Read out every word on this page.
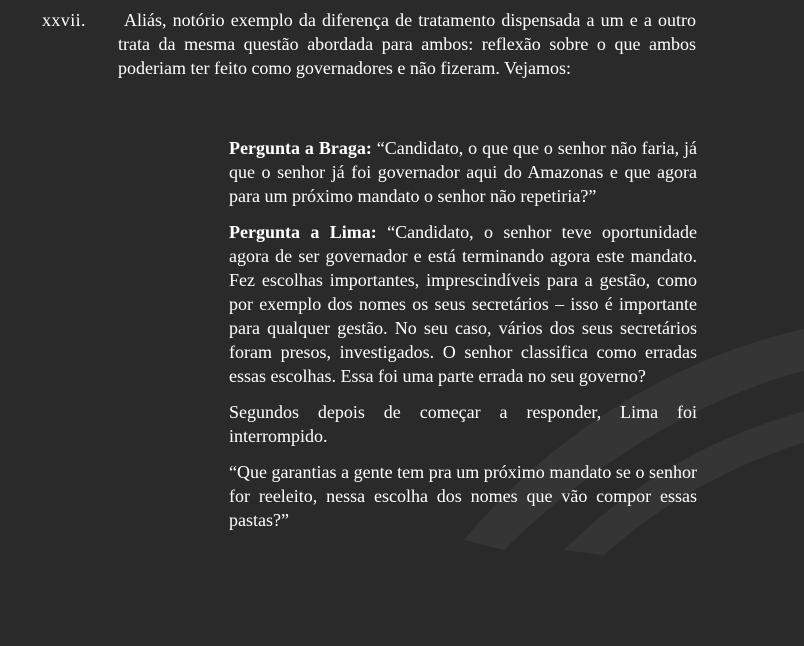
xxvii.	Aliás, notório exemplo da diferença de tratamento dispensada a um e a outro trata da mesma questão abordada para ambos: reflexão sobre o que ambos poderiam ter feito como governadores e não fizeram. Vejamos:

Pergunta a Braga: “Candidato, o que que o senhor não faria, já que o senhor já foi governador aqui do Amazonas e que agora para um próximo mandato o senhor não repetiria?”

Pergunta a Lima: “Candidato, o senhor teve oportunidade agora de ser governador e está terminando agora este mandato. Fez escolhas importantes, imprescindíveis para a gestão, como por exemplo dos nomes os seus secretários – isso é importante para qualquer gestão. No seu caso, vários dos seus secretários foram presos, investigados. O senhor classifica como erradas essas escolhas. Essa foi uma parte errada no seu governo?

Segundos depois de começar a responder, Lima foi interrompido.

“Que garantias a gente tem pra um próximo mandato se o senhor for reeleito, nessa escolha dos nomes que vão compor essas pastas?”
